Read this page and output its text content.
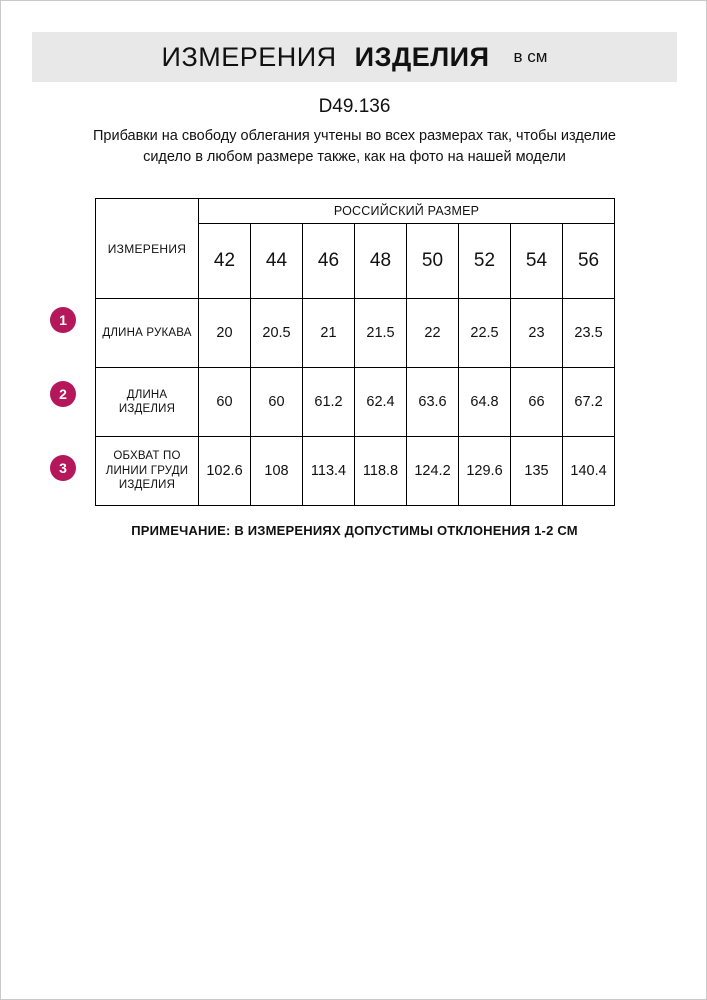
ИЗМЕРЕНИЯ ИЗДЕЛИЯ в см
D49.136
Прибавки на свободу облегания учтены во всех размерах так, чтобы изделие сидело в любом размере также, как на фото на нашей модели
1
2
3
ИЗМЕРЕНИЯ	РОССИЙСКИЙ РАЗМЕР							
	42	44	46	48	50	52	54	56
ДЛИНА РУКАВА	20	20.5	21	21.5	22	22.5	23	23.5
ДЛИНА ИЗДЕЛИЯ	60	60	61.2	62.4	63.6	64.8	66	67.2
ОБХВАТ ПО ЛИНИИ ГРУДИ ИЗДЕЛИЯ	102.6	108	113.4	118.8	124.2	129.6	135	140.4
ПРИМЕЧАНИЕ: В ИЗМЕРЕНИЯХ ДОПУСТИМЫ ОТКЛОНЕНИЯ 1-2 СМ
